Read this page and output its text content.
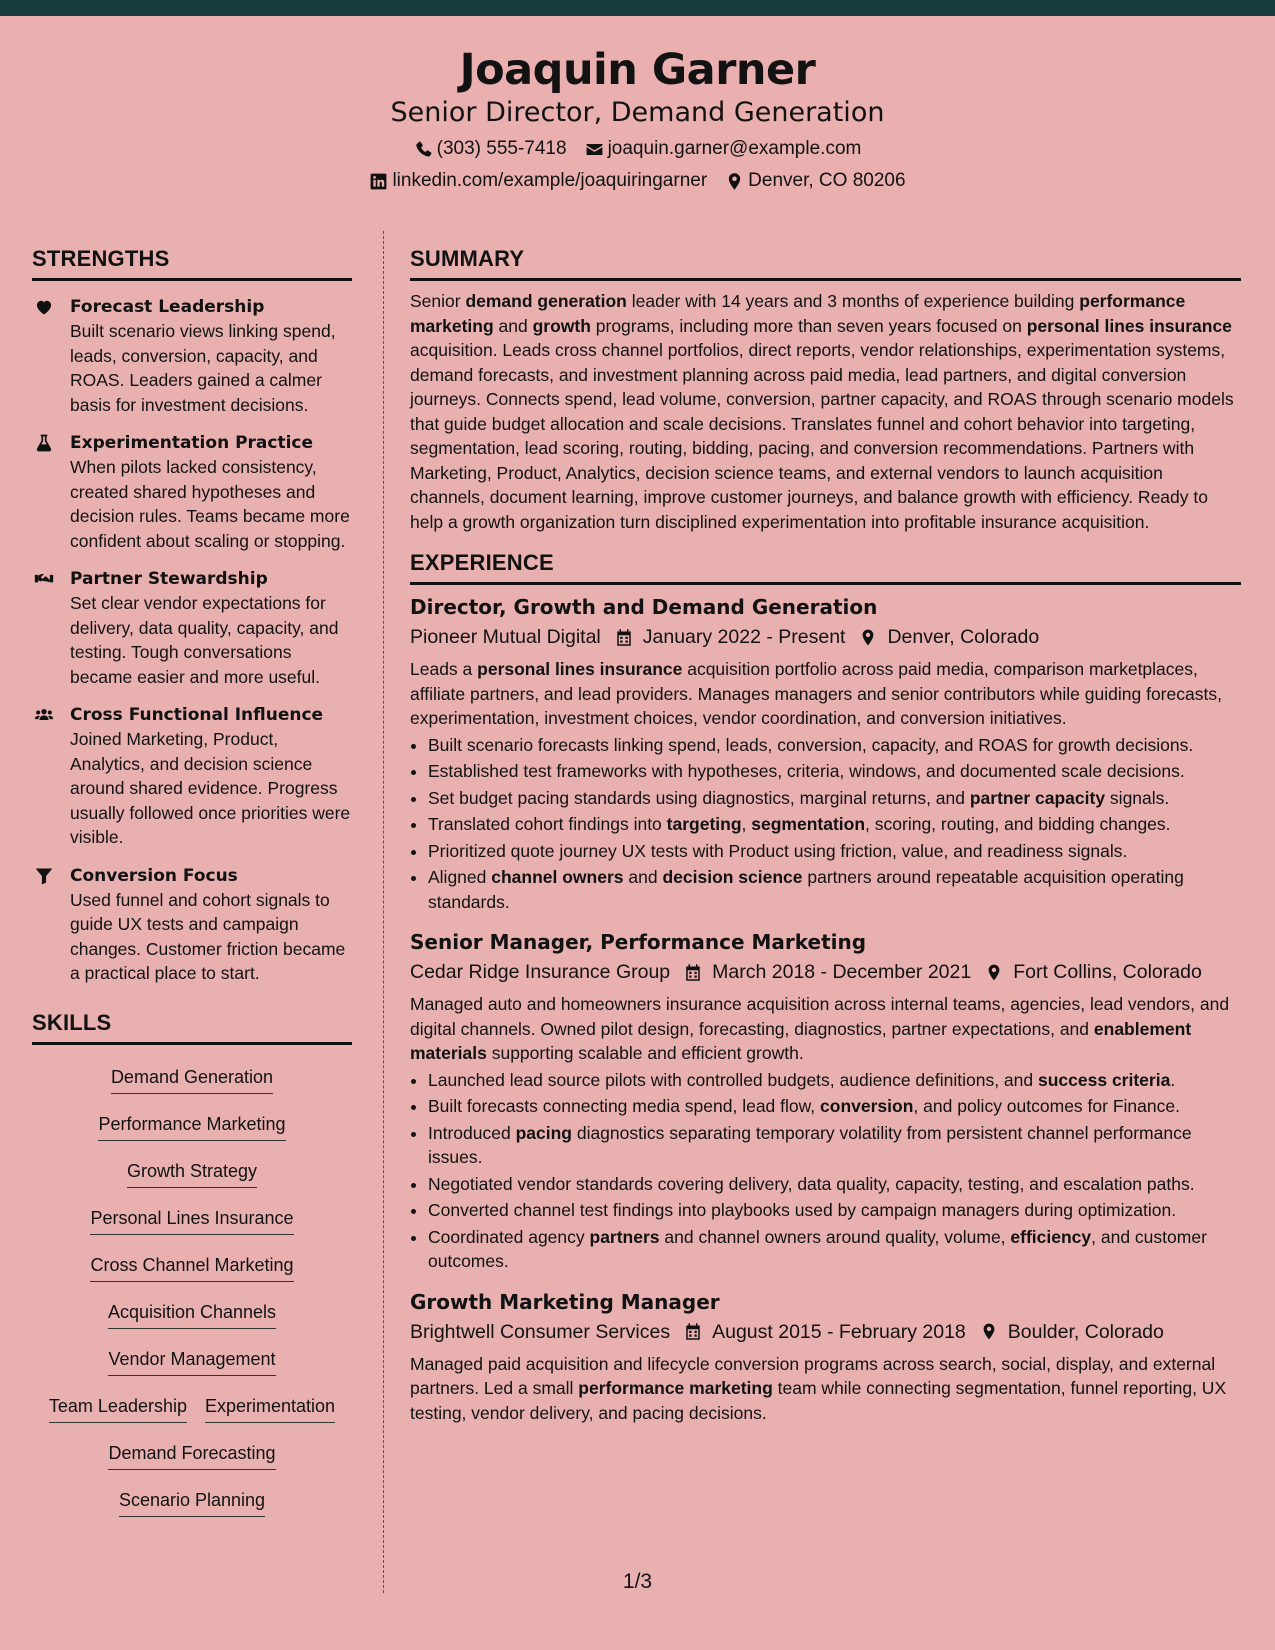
Joaquin Garner
Senior Director, Demand Generation
(303) 555-7418 joaquin.garner@example.com
linkedin.com/example/joaquiringarner Denver, CO 80206
STRENGTHS
Forecast Leadership
Built scenario views linking spend, leads, conversion, capacity, and ROAS. Leaders gained a calmer basis for investment decisions.
Experimentation Practice
When pilots lacked consistency, created shared hypotheses and decision rules. Teams became more confident about scaling or stopping.
Partner Stewardship
Set clear vendor expectations for delivery, data quality, capacity, and testing. Tough conversations became easier and more useful.
Cross Functional Influence
Joined Marketing, Product, Analytics, and decision science around shared evidence. Progress usually followed once priorities were visible.
Conversion Focus
Used funnel and cohort signals to guide UX tests and campaign changes. Customer friction became a practical place to start.
SKILLS
Demand Generation
Performance Marketing
Growth Strategy
Personal Lines Insurance
Cross Channel Marketing
Acquisition Channels
Vendor Management
Team Leadership Experimentation
Demand Forecasting
Scenario Planning
SUMMARY
Senior demand generation leader with 14 years and 3 months of experience building performance marketing and growth programs, including more than seven years focused on personal lines insurance acquisition. Leads cross channel portfolios, direct reports, vendor relationships, experimentation systems, demand forecasts, and investment planning across paid media, lead partners, and digital conversion journeys. Connects spend, lead volume, conversion, partner capacity, and ROAS through scenario models that guide budget allocation and scale decisions. Translates funnel and cohort behavior into targeting, segmentation, lead scoring, routing, bidding, pacing, and conversion recommendations. Partners with Marketing, Product, Analytics, decision science teams, and external vendors to launch acquisition channels, document learning, improve customer journeys, and balance growth with efficiency. Ready to help a growth organization turn disciplined experimentation into profitable insurance acquisition.
EXPERIENCE
Director, Growth and Demand Generation
Pioneer Mutual Digital January 2022 - Present Denver, Colorado
Leads a personal lines insurance acquisition portfolio across paid media, comparison marketplaces, affiliate partners, and lead providers. Manages managers and senior contributors while guiding forecasts, experimentation, investment choices, vendor coordination, and conversion initiatives.
• Built scenario forecasts linking spend, leads, conversion, capacity, and ROAS for growth decisions.
• Established test frameworks with hypotheses, criteria, windows, and documented scale decisions.
• Set budget pacing standards using diagnostics, marginal returns, and partner capacity signals.
• Translated cohort findings into targeting, segmentation, scoring, routing, and bidding changes.
• Prioritized quote journey UX tests with Product using friction, value, and readiness signals.
• Aligned channel owners and decision science partners around repeatable acquisition operating standards.
Senior Manager, Performance Marketing
Cedar Ridge Insurance Group March 2018 - December 2021 Fort Collins, Colorado
Managed auto and homeowners insurance acquisition across internal teams, agencies, lead vendors, and digital channels. Owned pilot design, forecasting, diagnostics, partner expectations, and enablement materials supporting scalable and efficient growth.
• Launched lead source pilots with controlled budgets, audience definitions, and success criteria.
• Built forecasts connecting media spend, lead flow, conversion, and policy outcomes for Finance.
• Introduced pacing diagnostics separating temporary volatility from persistent channel performance issues.
• Negotiated vendor standards covering delivery, data quality, capacity, testing, and escalation paths.
• Converted channel test findings into playbooks used by campaign managers during optimization.
• Coordinated agency partners and channel owners around quality, volume, efficiency, and customer outcomes.
Growth Marketing Manager
Brightwell Consumer Services August 2015 - February 2018 Boulder, Colorado
Managed paid acquisition and lifecycle conversion programs across search, social, display, and external partners. Led a small performance marketing team while connecting segmentation, funnel reporting, UX testing, vendor delivery, and pacing decisions.
1/3
